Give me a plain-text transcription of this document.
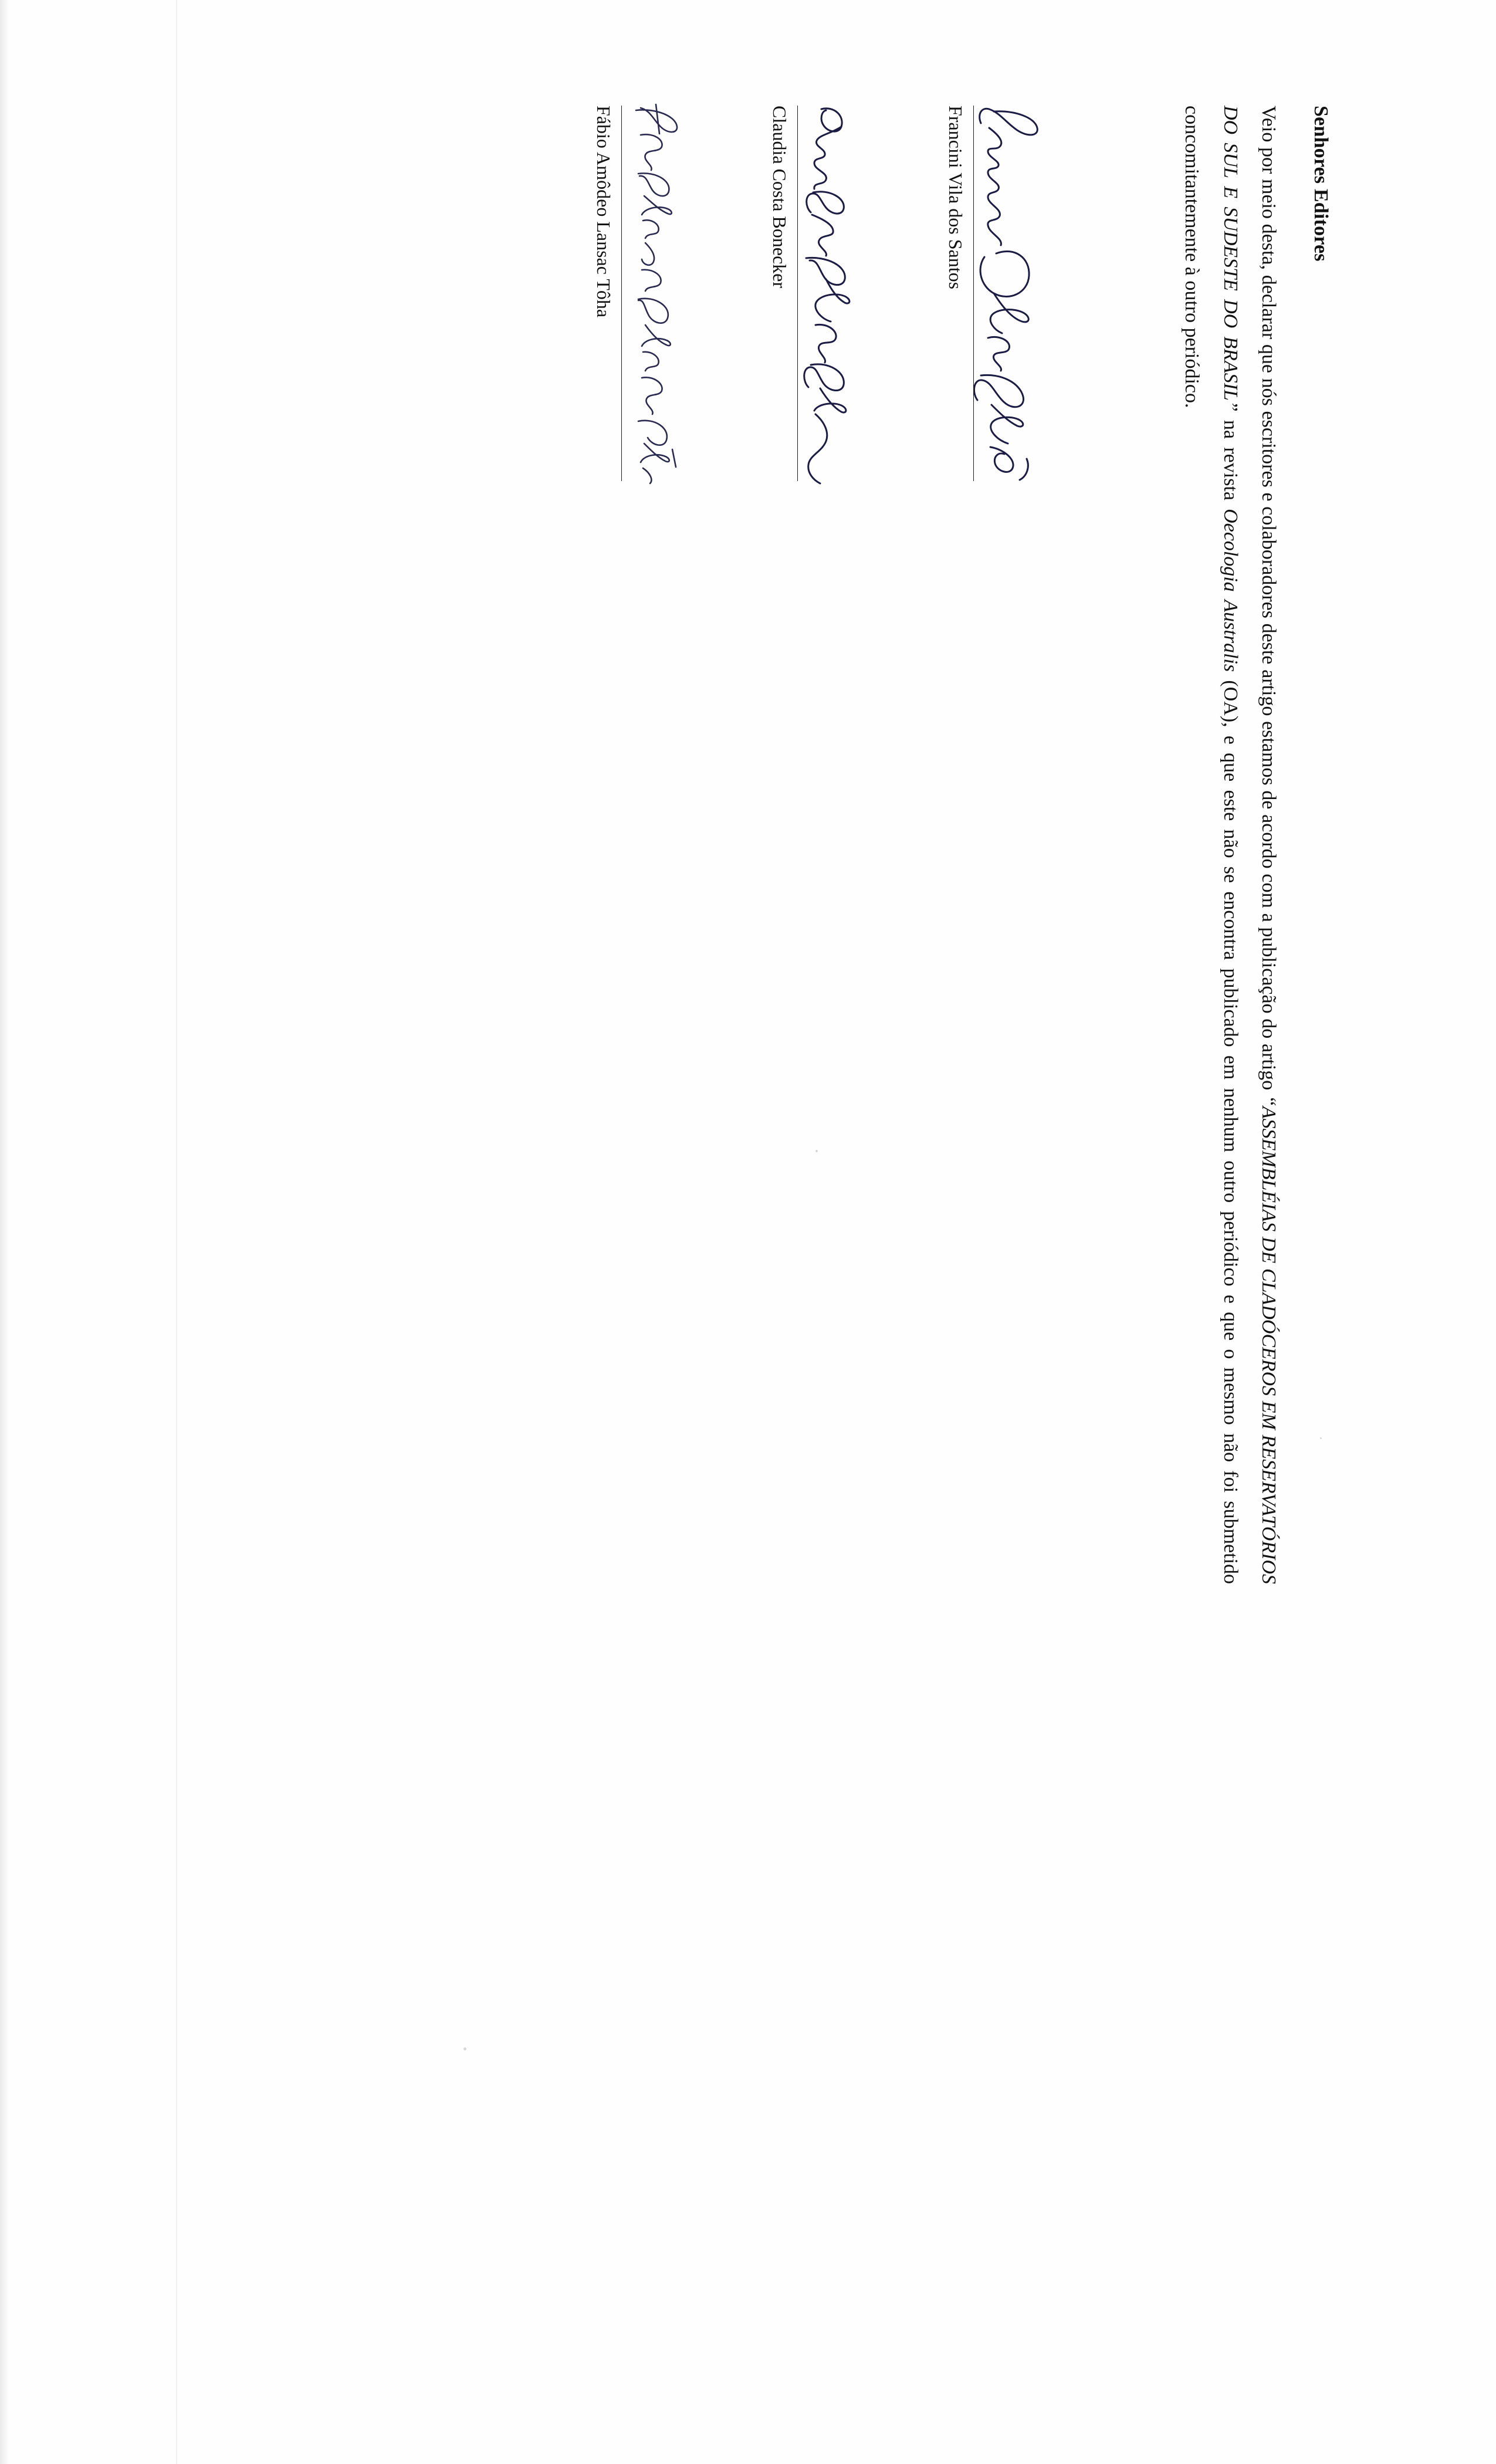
Senhores Editores
Veio por meio desta, declarar que nós escritores e colaboradores deste artigo estamos de acordo com a publicação do artigo “ASSEMBLÉIAS DE CLADÓCEROS EM RESERVATÓRIOS DO SUL E SUDESTE DO BRASIL” na revista Oecologia Australis (OA), e que este não se encontra publicado em nenhum outro periódico e que o mesmo não foi submetido concomitantemente à outro periódico.
Francini Vila dos Santos
Claudia Costa Bonecker
Fábio Amôdeo Lansac Tôha
